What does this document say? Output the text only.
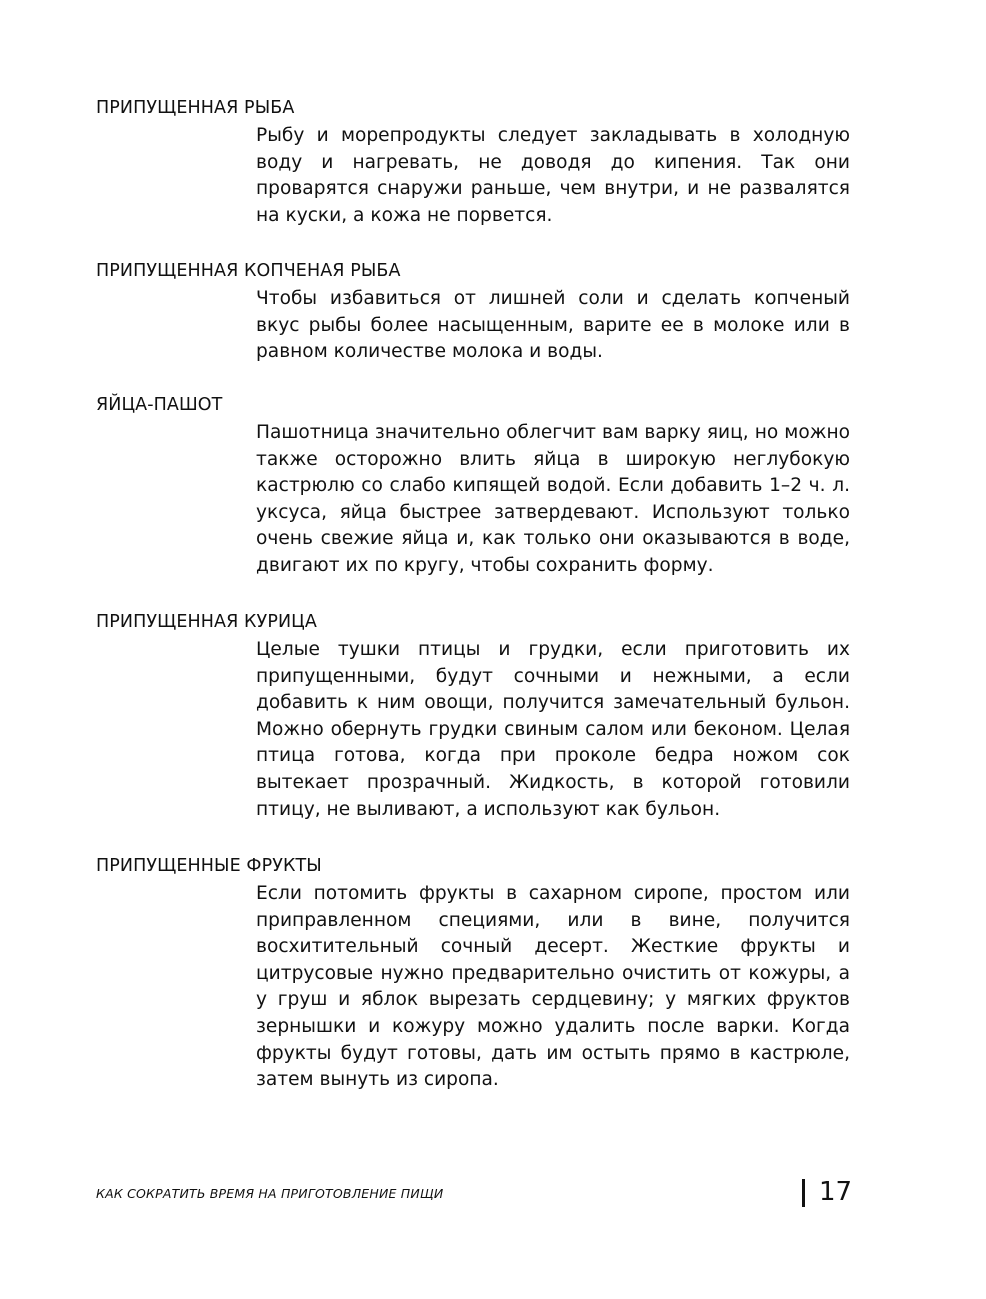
ПРИПУЩЕННАЯ РЫБА

Рыбу и морепродукты следует закладывать в холодную воду и нагревать, не доводя до кипения. Так они проварятся снаружи раньше, чем внутри, и не развалятся на куски, а кожа не порвется.

ПРИПУЩЕННАЯ КОПЧЕНАЯ РЫБА

Чтобы избавиться от лишней соли и сделать копченый вкус рыбы более насыщенным, варите ее в молоке или в равном количестве молока и воды.

ЯЙЦА-ПАШОТ

Пашотница значительно облегчит вам варку яиц, но можно также осторожно влить яйца в широкую неглубокую кастрюлю со слабо кипящей водой. Если добавить 1–2 ч. л. уксуса, яйца быстрее затвердевают. Используют только очень свежие яйца и, как только они оказываются в воде, двигают их по кругу, чтобы сохранить форму.

ПРИПУЩЕННАЯ КУРИЦА

Целые тушки птицы и грудки, если приготовить их припущенными, будут сочными и нежными, а если добавить к ним овощи, получится замечательный бульон. Можно обернуть грудки свиным салом или беконом. Целая птица готова, когда при проколе бедра ножом сок вытекает прозрачный. Жидкость, в которой готовили птицу, не выливают, а используют как бульон.

ПРИПУЩЕННЫЕ ФРУКТЫ

Если потомить фрукты в сахарном сиропе, простом или приправленном специями, или в вине, получится восхитительный сочный десерт. Жесткие фрукты и цитрусовые нужно предварительно очистить от кожуры, а у груш и яблок вырезать сердцевину; у мягких фруктов зернышки и кожуру можно удалить после варки. Когда фрукты будут готовы, дать им остыть прямо в кастрюле, затем вынуть из сиропа.

КАК СОКРАТИТЬ ВРЕМЯ НА ПРИГОТОВЛЕНИЕ ПИЩИ	17
